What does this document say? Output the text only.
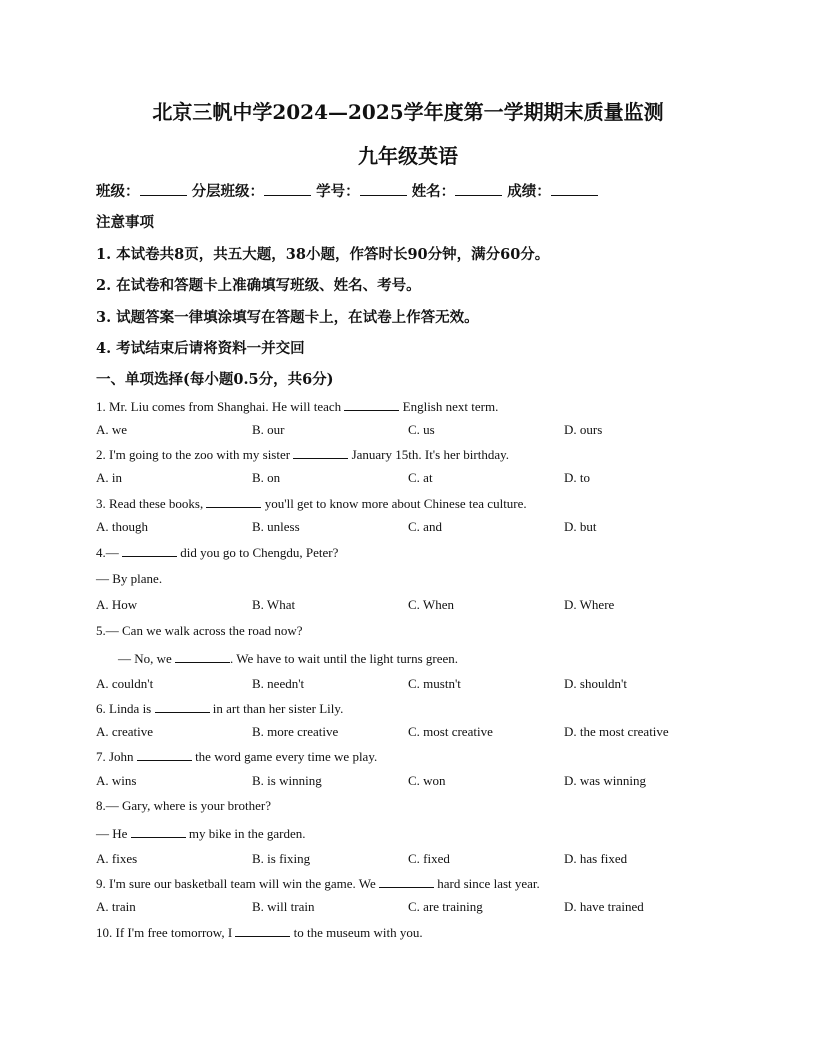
北京三帆中学2024—2025学年度第一学期期末质量监测
九年级英语
班级：	分层班级：	学号：	姓名：	成绩：
注意事项
1. 本试卷共8页，共五大题，38小题，作答时长90分钟，满分60分。
2. 在试卷和答题卡上准确填写班级、姓名、考号。
3. 试题答案一律填涂填写在答题卡上，在试卷上作答无效。
4. 考试结束后请将资料一并交回
一、单项选择(每小题0.5分，共6分)
1. Mr. Liu comes from Shanghai. He will teach	English next term.
A. we	B. our	C. us	D. ours
2. I'm going to the zoo with my sister	January 15th. It's her birthday.
A. in	B. on	C. at	D. to
3. Read these books,	you'll get to know more about Chinese tea culture.
A. though	B. unless	C. and	D. but
4.—	did you go to Chengdu, Peter?
— By plane.
A. How	B. What	C. When	D. Where
5.— Can we walk across the road now?
— No, we	. We have to wait until the light turns green.
A. couldn't	B. needn't	C. mustn't	D. shouldn't
6. Linda is	in art than her sister Lily.
A. creative	B. more creative	C. most creative	D. the most creative
7. John	the word game every time we play.
A. wins	B. is winning	C. won	D. was winning
8.— Gary, where is your brother?
— He	my bike in the garden.
A. fixes	B. is fixing	C. fixed	D. has fixed
9. I'm sure our basketball team will win the game. We	hard since last year.
A. train	B. will train	C. are training	D. have trained
10. If I'm free tomorrow, I	to the museum with you.
